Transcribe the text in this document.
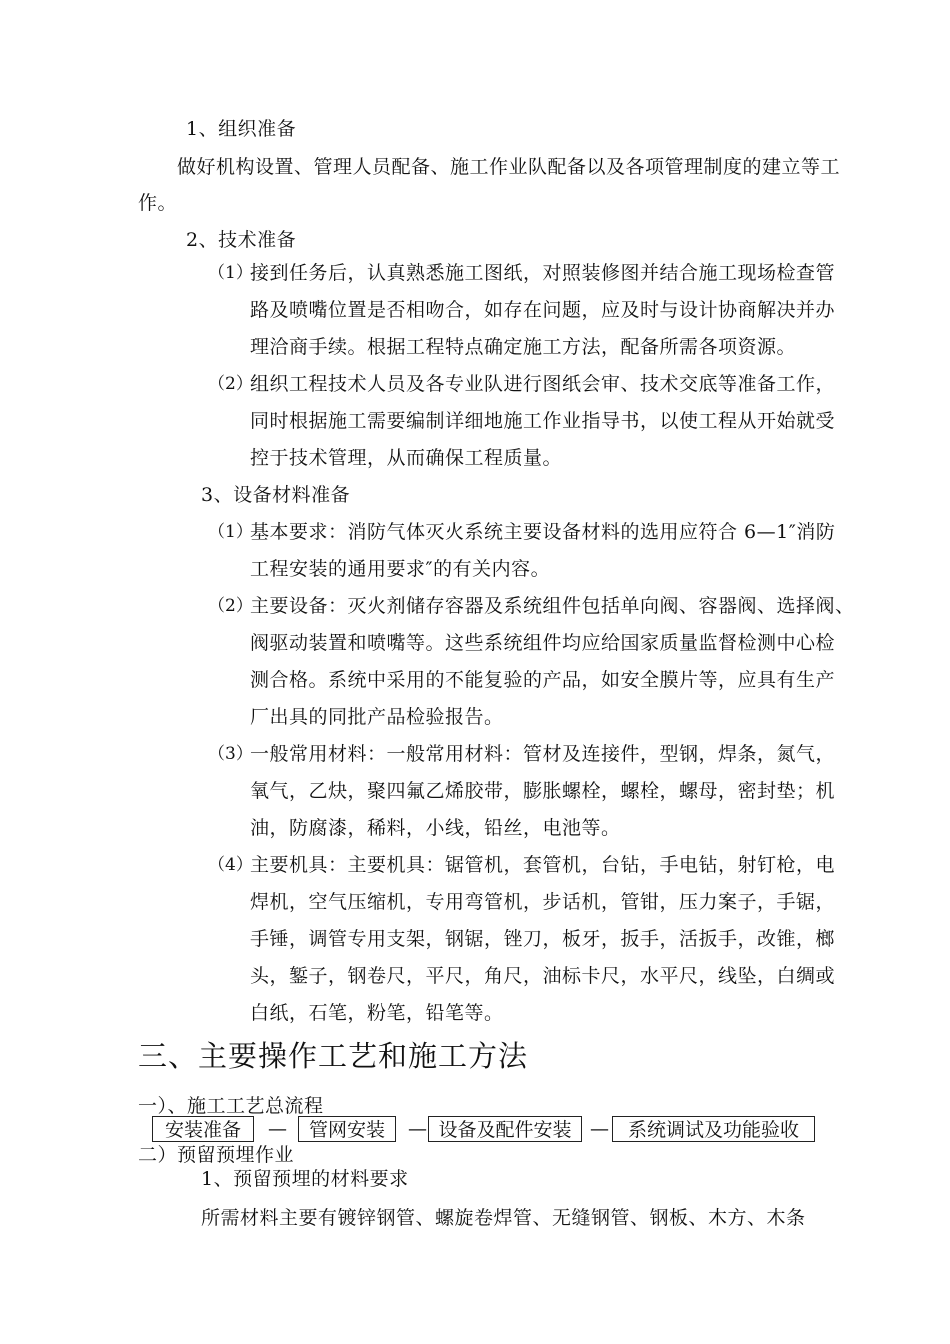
1、组织准备
做好机构设置、管理人员配备、施工作业队配备以及各项管理制度的建立等工
作。
2、技术准备
（1）
接到任务后，认真熟悉施工图纸，对照装修图并结合施工现场检查管
路及喷嘴位置是否相吻合，如存在问题，应及时与设计协商解决并办
理洽商手续。根据工程特点确定施工方法，配备所需各项资源。
（2）
组织工程技术人员及各专业队进行图纸会审、技术交底等准备工作，
同时根据施工需要编制详细地施工作业指导书，以使工程从开始就受
控于技术管理，从而确保工程质量。
3、设备材料准备
（1）
基本要求：消防气体灭火系统主要设备材料的选用应符合 6—1″消防
工程安装的通用要求″的有关内容。
（2）
主要设备：灭火剂储存容器及系统组件包括单向阀、容器阀、选择阀、
阀驱动装置和喷嘴等。这些系统组件均应给国家质量监督检测中心检
测合格。系统中采用的不能复验的产品，如安全膜片等，应具有生产
厂出具的同批产品检验报告。
（3）
一般常用材料：一般常用材料：管材及连接件，型钢，焊条，氮气，
氧气，乙炔，聚四氟乙烯胶带，膨胀螺栓，螺栓，螺母，密封垫；机
油，防腐漆，稀料，小线，铅丝，电池等。
（4）
主要机具：主要机具：锯管机，套管机，台钻，手电钻，射钉枪，电
焊机，空气压缩机，专用弯管机，步话机，管钳，压力案子，手锯，
手锤，调管专用支架，钢锯，锉刀，板牙，扳手，活扳手，改锥，榔
头，錾子，钢卷尺，平尺，角尺，油标卡尺，水平尺，线坠，白绸或
白纸，石笔，粉笔，铅笔等。
三、主要操作工艺和施工方法
一）、施工工艺总流程
安装准备	—	管网安装	— 设备及配件安装 — 系统调试及功能验收
二）预留预埋作业
1、预留预埋的材料要求
所需材料主要有镀锌钢管、螺旋卷焊管、无缝钢管、钢板、木方、木条
